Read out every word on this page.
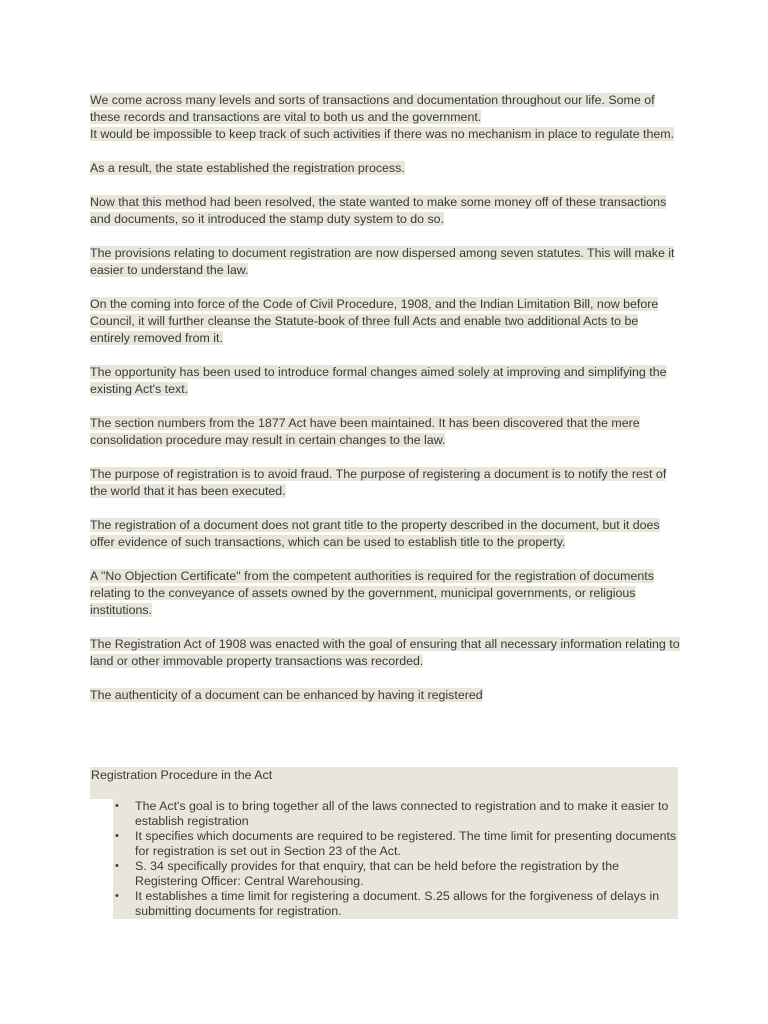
We come across many levels and sorts of transactions and documentation throughout our life. Some of these records and transactions are vital to both us and the government.
It would be impossible to keep track of such activities if there was no mechanism in place to regulate them.

As a result, the state established the registration process.

Now that this method had been resolved, the state wanted to make some money off of these transactions and documents, so it introduced the stamp duty system to do so.

The provisions relating to document registration are now dispersed among seven statutes. This will make it easier to understand the law.

On the coming into force of the Code of Civil Procedure, 1908, and the Indian Limitation Bill, now before Council, it will further cleanse the Statute-book of three full Acts and enable two additional Acts to be entirely removed from it.

The opportunity has been used to introduce formal changes aimed solely at improving and simplifying the existing Act's text.

The section numbers from the 1877 Act have been maintained. It has been discovered that the mere consolidation procedure may result in certain changes to the law.

The purpose of registration is to avoid fraud. The purpose of registering a document is to notify the rest of the world that it has been executed.

The registration of a document does not grant title to the property described in the document, but it does offer evidence of such transactions, which can be used to establish title to the property.

A "No Objection Certificate" from the competent authorities is required for the registration of documents relating to the conveyance of assets owned by the government, municipal governments, or religious institutions.

The Registration Act of 1908 was enacted with the goal of ensuring that all necessary information relating to land or other immovable property transactions was recorded.

The authenticity of a document can be enhanced by having it registered

Registration Procedure in the Act
•	The Act's goal is to bring together all of the laws connected to registration and to make it easier to establish registration
•	It specifies which documents are required to be registered. The time limit for presenting documents for registration is set out in Section 23 of the Act.
•	S. 34 specifically provides for that enquiry, that can be held before the registration by the Registering Officer: Central Warehousing.
•	It establishes a time limit for registering a document. S.25 allows for the forgiveness of delays in submitting documents for registration.
